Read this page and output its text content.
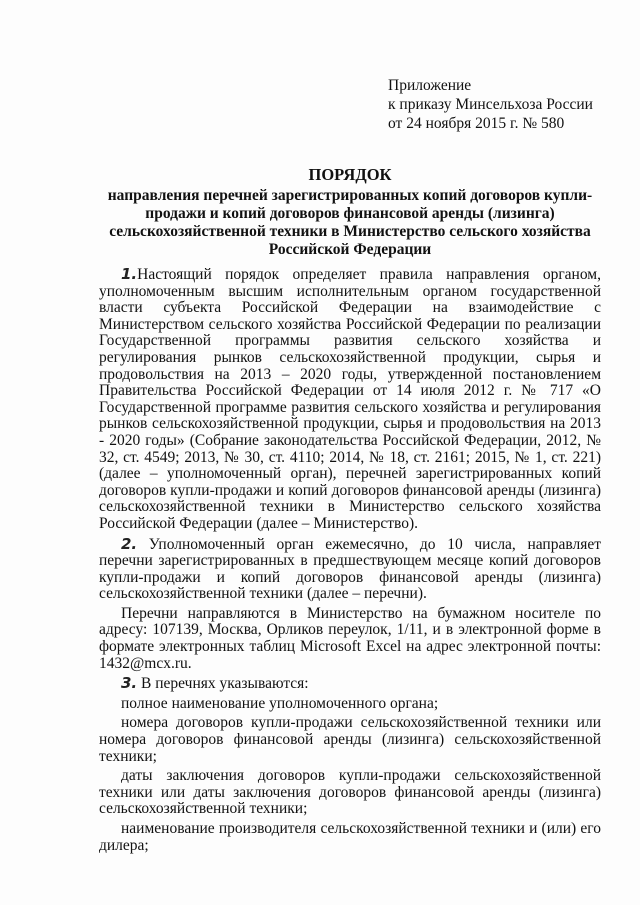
Приложение
к приказу Минсельхоза России
от 24 ноября 2015 г. № 580
ПОРЯДОК
направления перечней зарегистрированных копий договоров купли-продажи и копий договоров финансовой аренды (лизинга) сельскохозяйственной техники в Министерство сельского хозяйства Российской Федерации

1.Настоящий порядок определяет правила направления органом, уполномоченным высшим исполнительным органом государственной власти субъекта Российской Федерации на взаимодействие с Министерством сельского хозяйства Российской Федерации по реализации Государственной программы развития сельского хозяйства и регулирования рынков сельскохозяйственной продукции, сырья и продовольствия на 2013 – 2020 годы, утвержденной постановлением Правительства Российской Федерации от 14 июля 2012 г. № 717 «О Государственной программе развития сельского хозяйства и регулирования рынков сельскохозяйственной продукции, сырья и продовольствия на 2013 - 2020 годы» (Собрание законодательства Российской Федерации, 2012, № 32, ст. 4549; 2013, № 30, ст. 4110; 2014, № 18, ст. 2161; 2015, № 1, ст. 221) (далее – уполномоченный орган), перечней зарегистрированных копий договоров купли-продажи и копий договоров финансовой аренды (лизинга) сельскохозяйственной техники в Министерство сельского хозяйства Российской Федерации (далее – Министерство).

2. Уполномоченный орган ежемесячно, до 10 числа, направляет перечни зарегистрированных в предшествующем месяце копий договоров купли-продажи и копий договоров финансовой аренды (лизинга) сельскохозяйственной техники (далее – перечни).

Перечни направляются в Министерство на бумажном носителе по адресу: 107139, Москва, Орликов переулок, 1/11, и в электронной форме в формате электронных таблиц Microsoft Excel на адрес электронной почты: 1432@mcx.ru.

3. В перечнях указываются:

полное наименование уполномоченного органа;

номера договоров купли-продажи сельскохозяйственной техники или номера договоров финансовой аренды (лизинга) сельскохозяйственной техники;

даты заключения договоров купли-продажи сельскохозяйственной техники или даты заключения договоров финансовой аренды (лизинга) сельскохозяйственной техники;

наименование производителя сельскохозяйственной техники и (или) его дилера;
